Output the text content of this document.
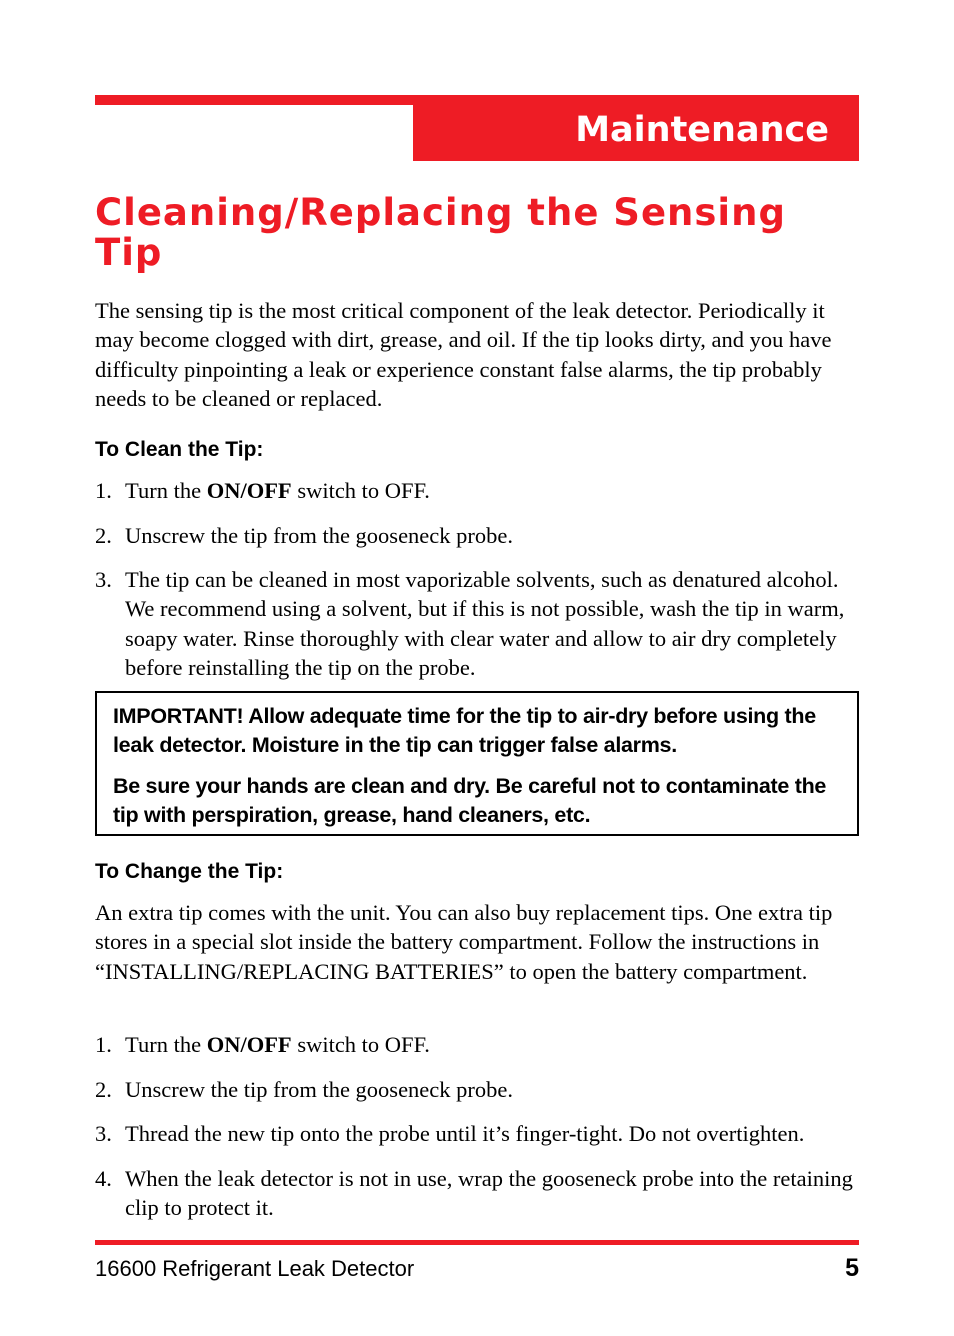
Maintenance
Cleaning/Replacing the Sensing Tip

The sensing tip is the most critical component of the leak detector. Periodically it may become clogged with dirt, grease, and oil. If the tip looks dirty, and you have difficulty pinpointing a leak or experience constant false alarms, the tip probably needs to be cleaned or replaced.

To Clean the Tip:
1. Turn the ON/OFF switch to OFF.
2. Unscrew the tip from the gooseneck probe.
3. The tip can be cleaned in most vaporizable solvents, such as denatured alcohol. We recommend using a solvent, but if this is not possible, wash the tip in warm, soapy water. Rinse thoroughly with clear water and allow to air dry completely before reinstalling the tip on the probe.

IMPORTANT! Allow adequate time for the tip to air-dry before using the leak detector. Moisture in the tip can trigger false alarms.

Be sure your hands are clean and dry. Be careful not to contaminate the tip with perspiration, grease, hand cleaners, etc.

To Change the Tip:

An extra tip comes with the unit. You can also buy replacement tips. One extra tip stores in a special slot inside the battery compartment. Follow the instructions in “INSTALLING/REPLACING BATTERIES” to open the battery compartment.

1. Turn the ON/OFF switch to OFF.
2. Unscrew the tip from the gooseneck probe.
3. Thread the new tip onto the probe until it’s finger-tight. Do not overtighten.
4. When the leak detector is not in use, wrap the gooseneck probe into the retaining clip to protect it.

16600 Refrigerant Leak Detector	5
